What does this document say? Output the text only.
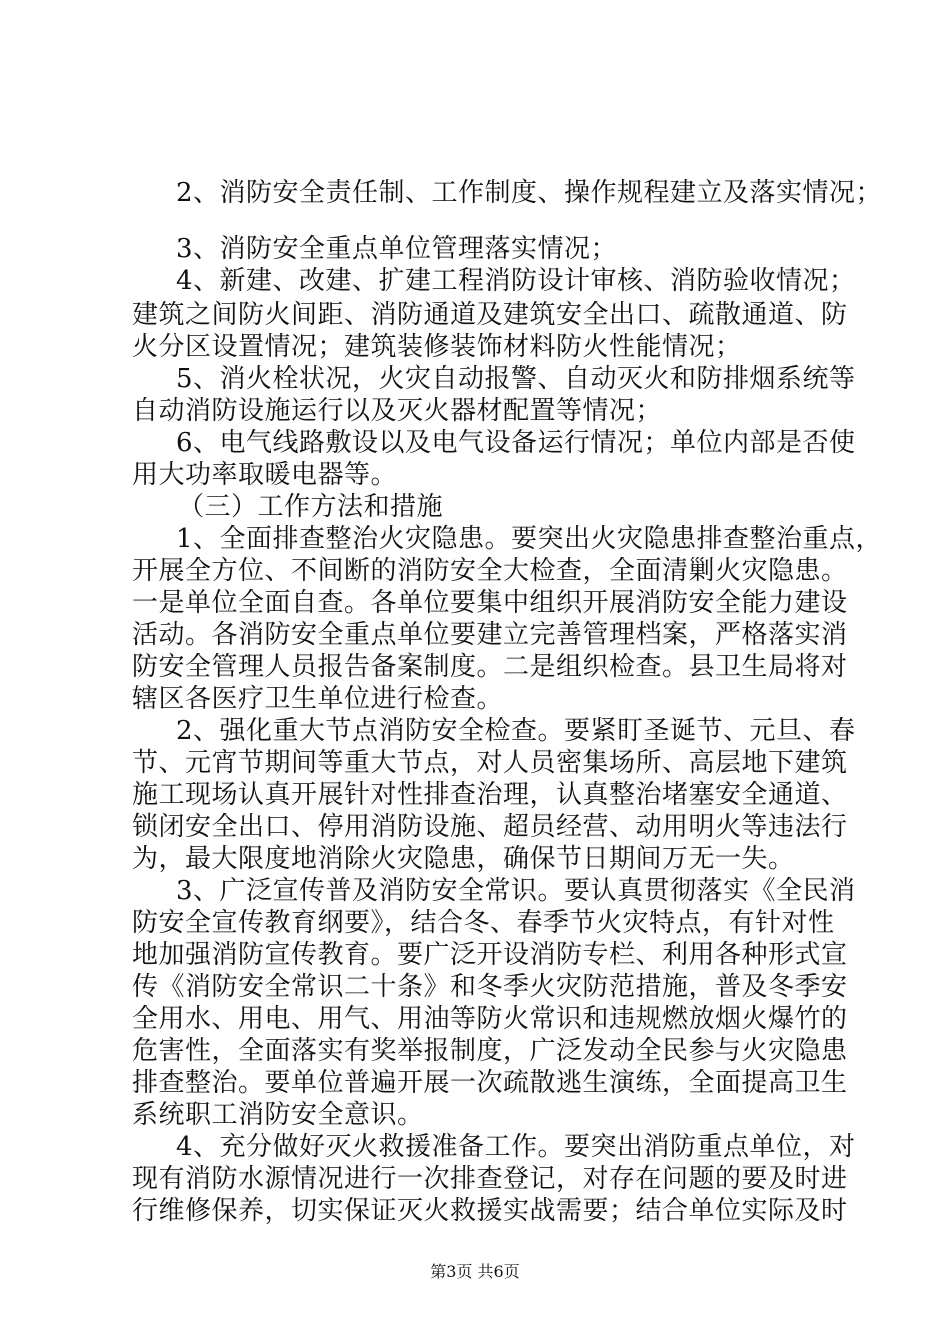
2、消防安全责任制、工作制度、操作规程建立及落实情况；
3、消防安全重点单位管理落实情况；
4、新建、改建、扩建工程消防设计审核、消防验收情况；
建筑之间防火间距、消防通道及建筑安全出口、疏散通道、防
火分区设置情况；建筑装修装饰材料防火性能情况；
5、消火栓状况，火灾自动报警、自动灭火和防排烟系统等
自动消防设施运行以及灭火器材配置等情况；
6、电气线路敷设以及电气设备运行情况；单位内部是否使
用大功率取暖电器等。
（三）工作方法和措施
1、全面排查整治火灾隐患。要突出火灾隐患排查整治重点，
开展全方位、不间断的消防安全大检查，全面清剿火灾隐患。
一是单位全面自查。各单位要集中组织开展消防安全能力建设
活动。各消防安全重点单位要建立完善管理档案，严格落实消
防安全管理人员报告备案制度。二是组织检查。县卫生局将对
辖区各医疗卫生单位进行检查。
2、强化重大节点消防安全检查。要紧盯圣诞节、元旦、春
节、元宵节期间等重大节点，对人员密集场所、高层地下建筑
施工现场认真开展针对性排查治理，认真整治堵塞安全通道、
锁闭安全出口、停用消防设施、超员经营、动用明火等违法行
为，最大限度地消除火灾隐患，确保节日期间万无一失。
3、广泛宣传普及消防安全常识。要认真贯彻落实《全民消
防安全宣传教育纲要》，结合冬、春季节火灾特点，有针对性
地加强消防宣传教育。要广泛开设消防专栏、利用各种形式宣
传《消防安全常识二十条》和冬季火灾防范措施，普及冬季安
全用水、用电、用气、用油等防火常识和违规燃放烟火爆竹的
危害性，全面落实有奖举报制度，广泛发动全民参与火灾隐患
排查整治。要单位普遍开展一次疏散逃生演练，全面提高卫生
系统职工消防安全意识。
4、充分做好灭火救援准备工作。要突出消防重点单位，对
现有消防水源情况进行一次排查登记，对存在问题的要及时进
行维修保养，切实保证灭火救援实战需要；结合单位实际及时
第3页 共6页
